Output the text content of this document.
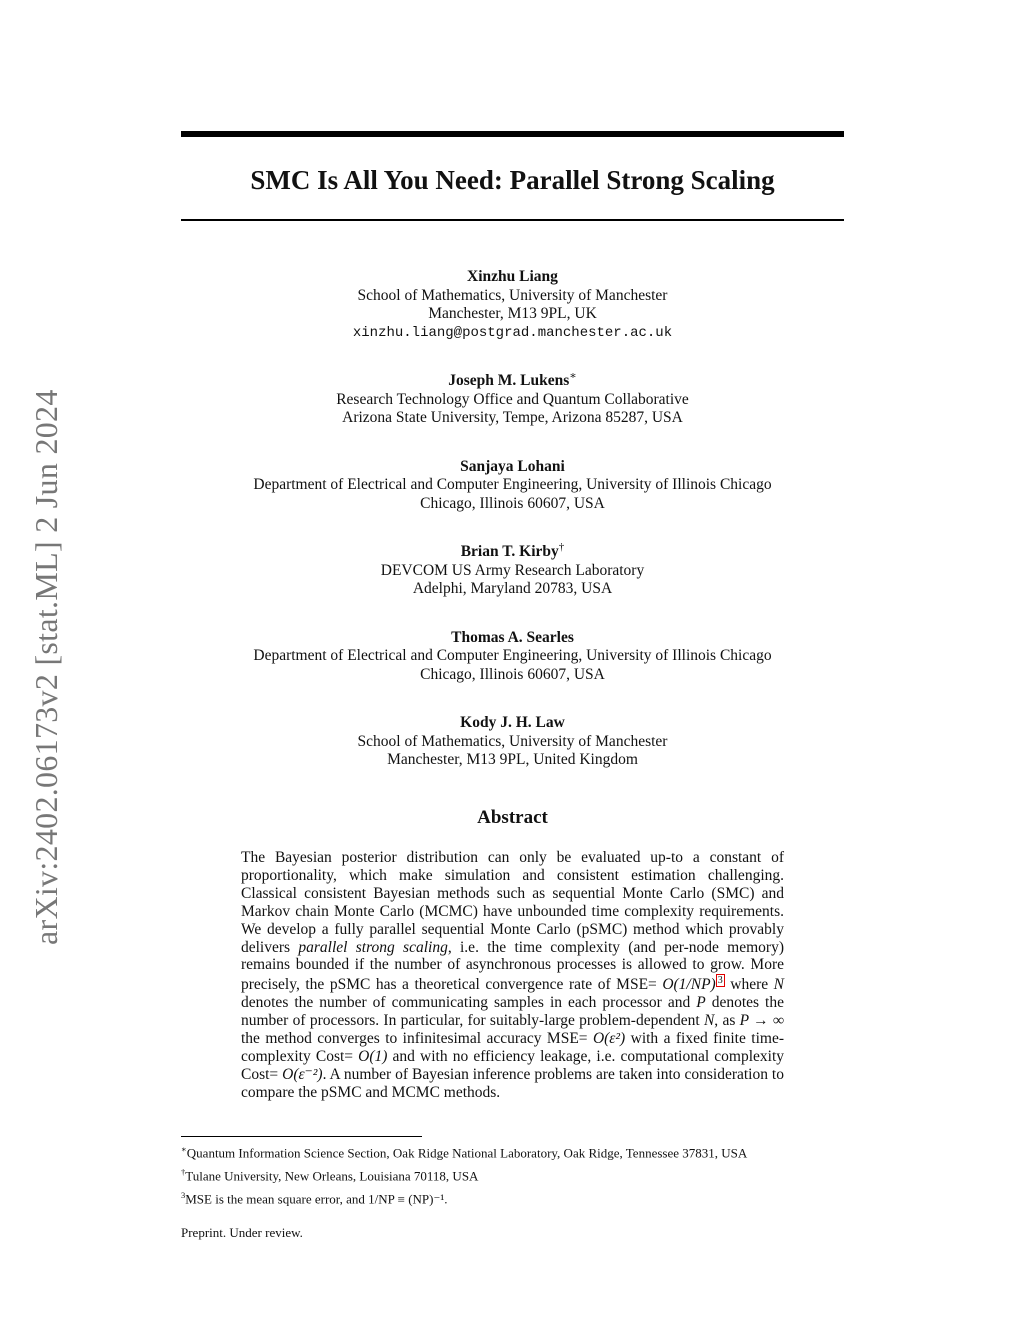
arXiv:2402.06173v2 [stat.ML] 2 Jun 2024
SMC Is All You Need: Parallel Strong Scaling
Xinzhu Liang
School of Mathematics, University of Manchester
Manchester, M13 9PL, UK
xinzhu.liang@postgrad.manchester.ac.uk
Joseph M. Lukens∗
Research Technology Office and Quantum Collaborative
Arizona State University, Tempe, Arizona 85287, USA
Sanjaya Lohani
Department of Electrical and Computer Engineering, University of Illinois Chicago
Chicago, Illinois 60607, USA
Brian T. Kirby†
DEVCOM US Army Research Laboratory
Adelphi, Maryland 20783, USA
Thomas A. Searles
Department of Electrical and Computer Engineering, University of Illinois Chicago
Chicago, Illinois 60607, USA
Kody J. H. Law
School of Mathematics, University of Manchester
Manchester, M13 9PL, United Kingdom
Abstract
The Bayesian posterior distribution can only be evaluated up-to a constant of proportionality, which make simulation and consistent estimation challenging. Classical consistent Bayesian methods such as sequential Monte Carlo (SMC) and Markov chain Monte Carlo (MCMC) have unbounded time complexity requirements. We develop a fully parallel sequential Monte Carlo (pSMC) method which provably delivers parallel strong scaling, i.e. the time complexity (and per-node memory) remains bounded if the number of asynchronous processes is allowed to grow. More precisely, the pSMC has a theoretical convergence rate of MSE= O(1/NP) 3 where N denotes the number of communicating samples in each processor and P denotes the number of processors. In particular, for suitably-large problem-dependent N, as P → ∞ the method converges to infinitesimal accuracy MSE= O(ε²) with a fixed finite time-complexity Cost= O(1) and with no efficiency leakage, i.e. computational complexity Cost= O(ε⁻²). A number of Bayesian inference problems are taken into consideration to compare the pSMC and MCMC methods.
∗Quantum Information Science Section, Oak Ridge National Laboratory, Oak Ridge, Tennessee 37831, USA
†Tulane University, New Orleans, Louisiana 70118, USA
$^3$MSE is the mean square error, and 1/NP ≡ (NP)⁻¹.
Preprint. Under review.
